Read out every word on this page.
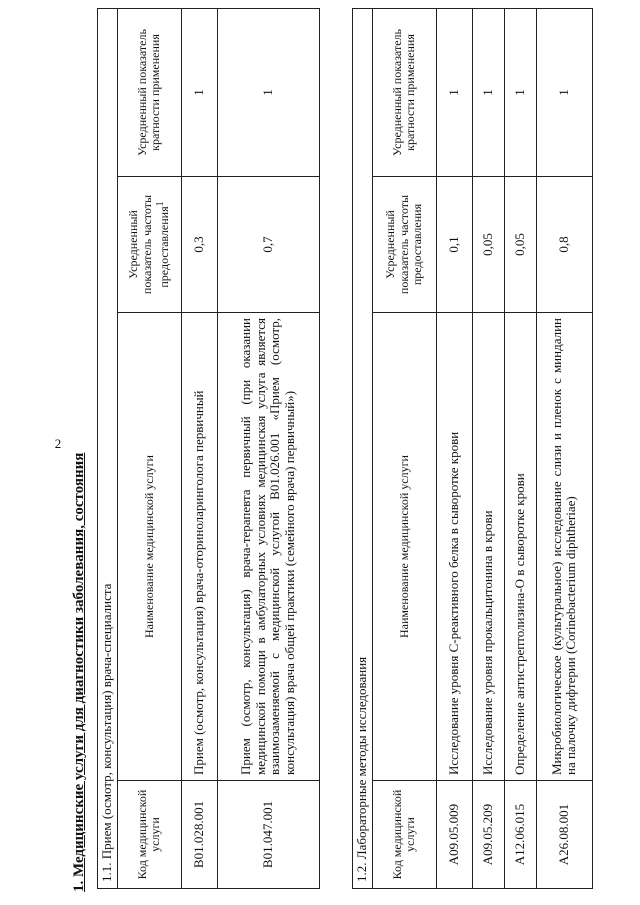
2
1. Медицинские услуги для диагностики заболевания, состояния 1.1. Прием (осмотр, консультация) врача-специалиста			
Код медицинской услуги	Наименование медицинской услуги	Усредненный показатель частоты предоставления$^1$	Усредненный показатель кратности применения
B01.028.001	Прием (осмотр, консультация) врача-оториноларинголога первичный	0,3	1
B01.047.001	Прием (осмотр, консультация) врача-терапевта первичный (при оказании медицинской помощи в амбулаторных условиях медицинская услуга является взаимозаменяемой с медицинской услугой B01.026.001 «Прием (осмотр, консультация) врача общей практики (семейного врача) первичный»)	0,7	1
1.2. Лабораторные методы исследования			
Код медицинской услуги	Наименование медицинской услуги	Усредненный показатель частоты предоставления	Усредненный показатель кратности применения
A09.05.009	Исследование уровня С-реактивного белка в сыворотке крови	0,1	1
A09.05.209	Исследование уровня прокальцитонина в крови	0,05	1
A12.06.015	Определение антистрептолизина-O в сыворотке крови	0,05	1
A26.08.001	Микробиологическое (культуральное) исследование слизи и пленок с миндалин на палочку дифтерии (Corinebacterium diphtheriae)	0,8	1
